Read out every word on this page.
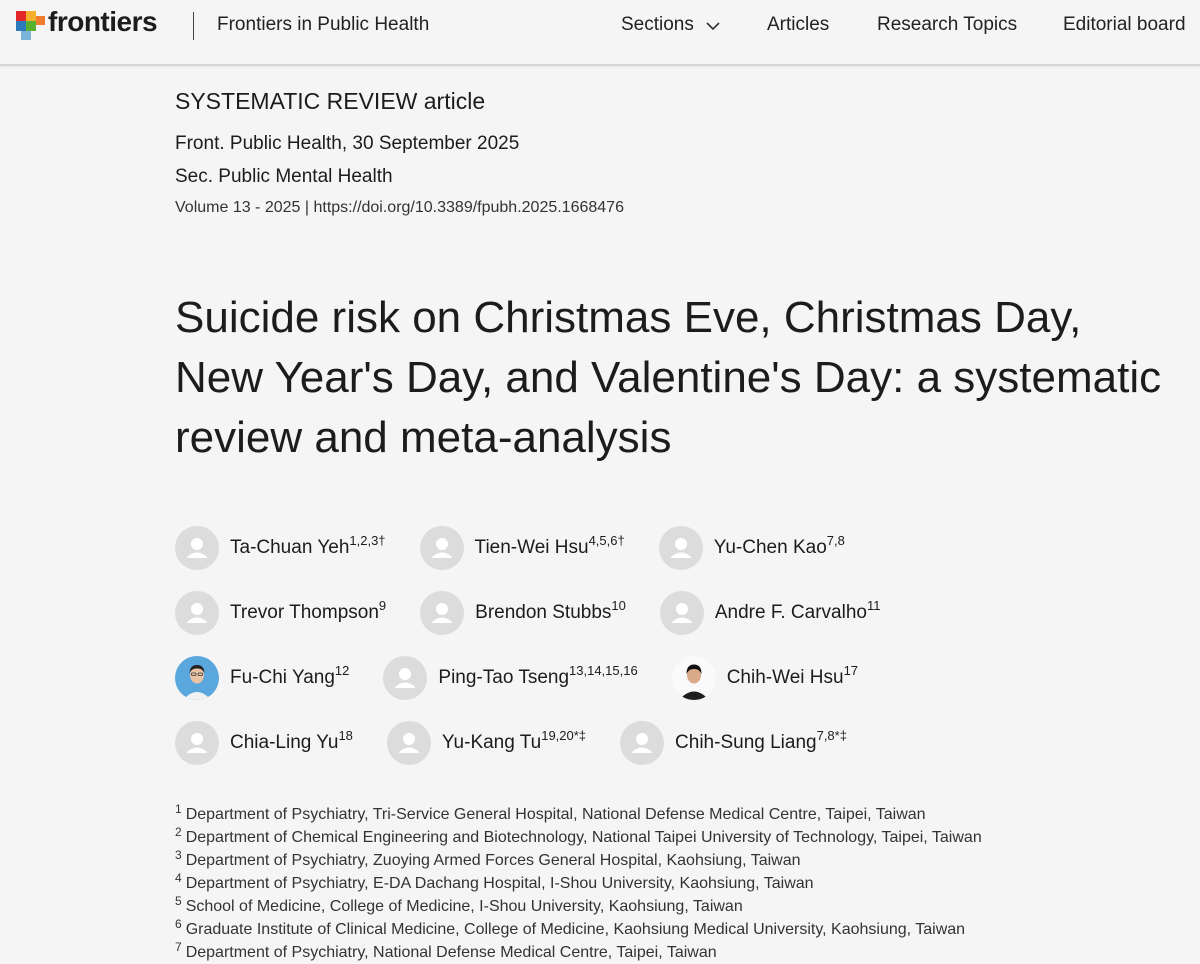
frontiers	Frontiers in Public Health	Sections	Articles	Research Topics Editorial board
SYSTEMATIC REVIEW article
Front. Public Health, 30 September 2025
Sec. Public Mental Health
Volume 13 - 2025 | https://doi.org/10.3389/fpubh.2025.1668476
Suicide risk on Christmas Eve, Christmas Day, New Year's Day, and Valentine's Day: a systematic review and meta-analysis
Ta-Chuan Yeh$^{1,2,3\dagger}$	Tien-Wei Hsu$^{4,5,6\dagger}$	Yu-Chen Kao$^{7,8}$
Trevor Thompson$^9$	Brendon Stubbs$^{10}$	Andre F. Carvalho$^{11}$
Fu-Chi Yang$^{12}$	Ping-Tao Tseng$^{13,14,15,16}$	Chih-Wei Hsu$^{17}$
Chia-Ling Yu$^{18}$	Yu-Kang $Tu^{19,20*\ddagger}$	Chih-Sung Liang$^{7,8*\ddagger}$
$^1$ Department of Psychiatry, Tri-Service General Hospital, National Defense Medical Centre, Taipei, Taiwan
$^2$ Department of Chemical Engineering and Biotechnology, National Taipei University of Technology, Taipei, Taiwan
$^3$ Department of Psychiatry, Zuoying Armed Forces General Hospital, Kaohsiung, Taiwan
$^4$ Department of Psychiatry, E-DA Dachang Hospital, I-Shou University, Kaohsiung, Taiwan
$^5$ School of Medicine, College of Medicine, I-Shou University, Kaohsiung, Taiwan
$^6$ Graduate Institute of Clinical Medicine, College of Medicine, Kaohsiung Medical University, Kaohsiung, Taiwan
$^7$ Department of Psychiatry, National Defense Medical Centre, Taipei, Taiwan
